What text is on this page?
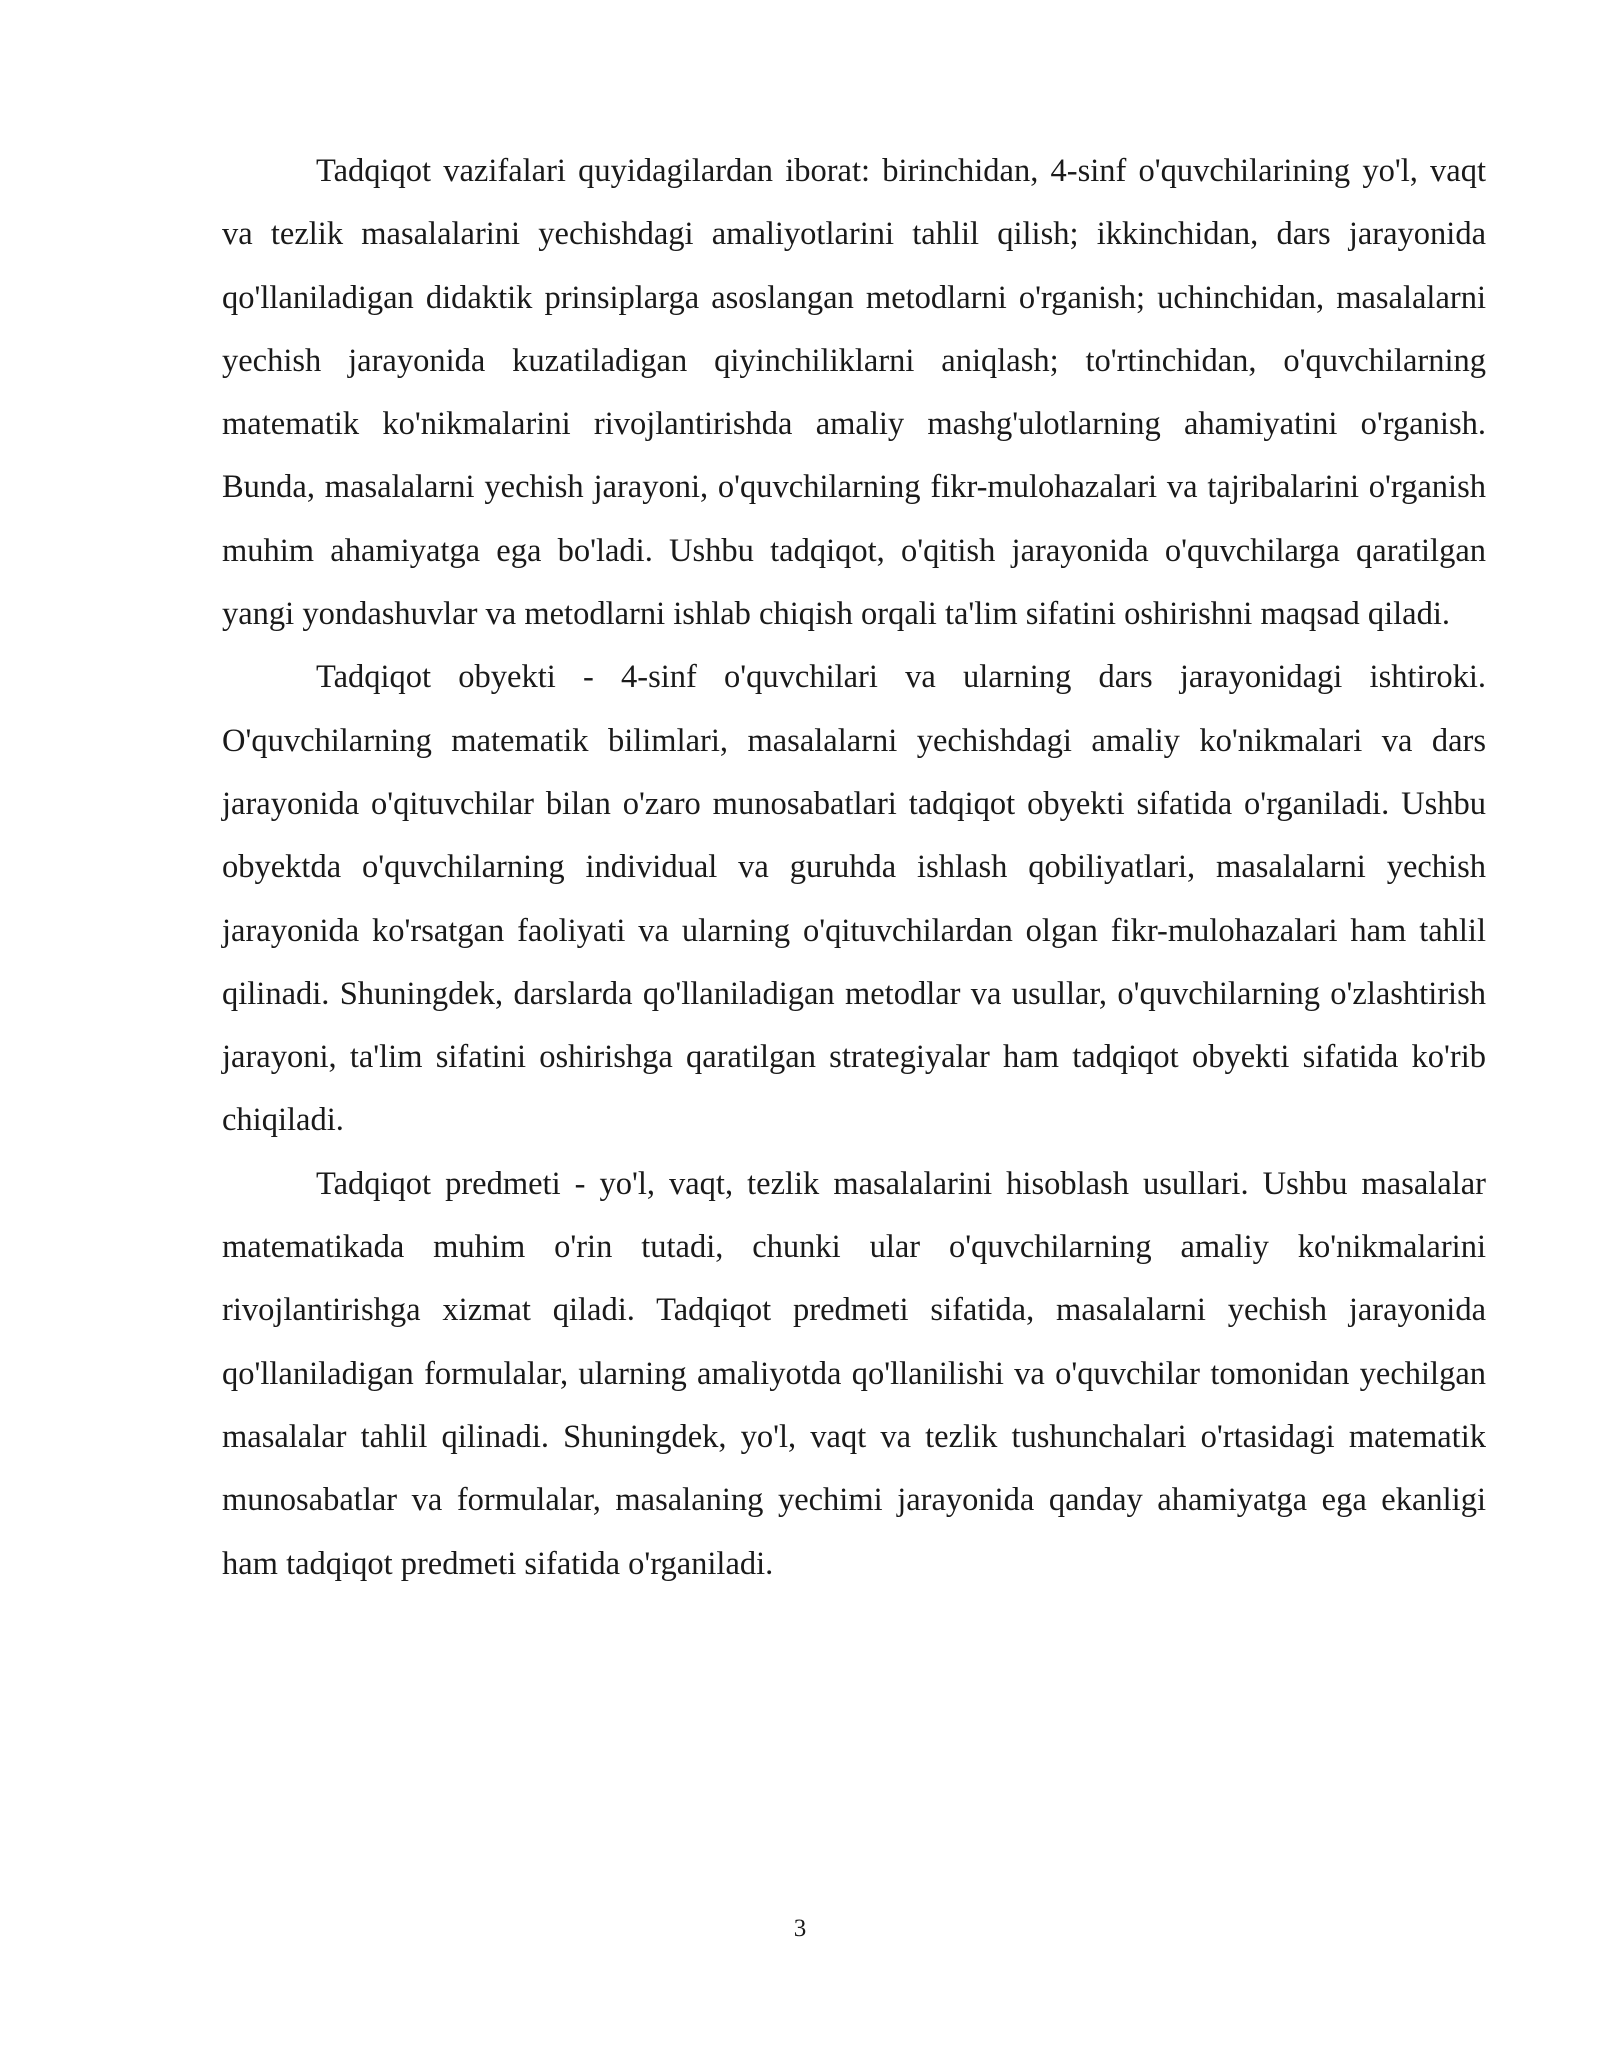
Tadqiqot vazifalari quyidagilardan iborat: birinchidan, 4-sinf o'quvchilarining yo'l, vaqt va tezlik masalalarini yechishdagi amaliyotlarini tahlil qilish; ikkinchidan, dars jarayonida qo'llaniladigan didaktik prinsiplarga asoslangan metodlarni o'rganish; uchinchidan, masalalarni yechish jarayonida kuzatiladigan qiyinchiliklarni aniqlash; to'rtinchidan, o'quvchilarning matematik ko'nikmalarini rivojlantirishda amaliy mashg'ulotlarning ahamiyatini o'rganish. Bunda, masalalarni yechish jarayoni, o'quvchilarning fikr-mulohazalari va tajribalarini o'rganish muhim ahamiyatga ega bo'ladi. Ushbu tadqiqot, o'qitish jarayonida o'quvchilarga qaratilgan yangi yondashuvlar va metodlarni ishlab chiqish orqali ta'lim sifatini oshirishni maqsad qiladi.

Tadqiqot obyekti - 4-sinf o'quvchilari va ularning dars jarayonidagi ishtiroki. O'quvchilarning matematik bilimlari, masalalarni yechishdagi amaliy ko'nikmalari va dars jarayonida o'qituvchilar bilan o'zaro munosabatlari tadqiqot obyekti sifatida o'rganiladi. Ushbu obyektda o'quvchilarning individual va guruhda ishlash qobiliyatlari, masalalarni yechish jarayonida ko'rsatgan faoliyati va ularning o'qituvchilardan olgan fikr-mulohazalari ham tahlil qilinadi. Shuningdek, darslarda qo'llaniladigan metodlar va usullar, o'quvchilarning o'zlashtirish jarayoni, ta'lim sifatini oshirishga qaratilgan strategiyalar ham tadqiqot obyekti sifatida ko'rib chiqiladi.

Tadqiqot predmeti - yo'l, vaqt, tezlik masalalarini hisoblash usullari. Ushbu masalalar matematikada muhim o'rin tutadi, chunki ular o'quvchilarning amaliy ko'nikmalarini rivojlantirishga xizmat qiladi. Tadqiqot predmeti sifatida, masalalarni yechish jarayonida qo'llaniladigan formulalar, ularning amaliyotda qo'llanilishi va o'quvchilar tomonidan yechilgan masalalar tahlil qilinadi. Shuningdek, yo'l, vaqt va tezlik tushunchalari o'rtasidagi matematik munosabatlar va formulalar, masalaning yechimi jarayonida qanday ahamiyatga ega ekanligi ham tadqiqot predmeti sifatida o'rganiladi.

3
